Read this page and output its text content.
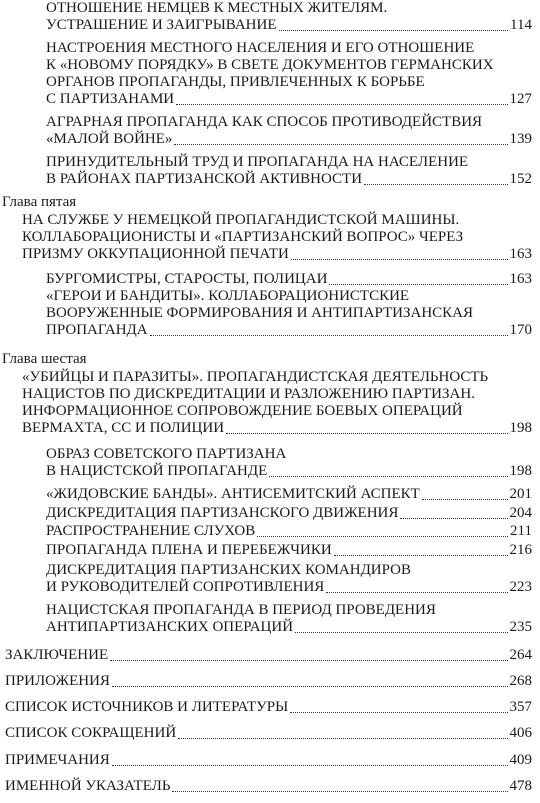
ОТНОШЕНИЕ НЕМЦЕВ К МЕСТНЫХ ЖИТЕЛЯМ.
УСТРАШЕНИЕ И ЗАИГРЫВАНИЕ	114
НАСТРОЕНИЯ МЕСТНОГО НАСЕЛЕНИЯ И ЕГО ОТНОШЕНИЕ
К «НОВОМУ ПОРЯДКУ» В СВЕТЕ ДОКУМЕНТОВ ГЕРМАНСКИХ
ОРГАНОВ ПРОПАГАНДЫ, ПРИВЛЕЧЕННЫХ К БОРЬБЕ
С ПАРТИЗАНАМИ	127
АГРАРНАЯ ПРОПАГАНДА КАК СПОСОБ ПРОТИВОДЕЙСТВИЯ
«МАЛОЙ ВОЙНЕ»	139
ПРИНУДИТЕЛЬНЫЙ ТРУД И ПРОПАГАНДА НА НАСЕЛЕНИЕ
В РАЙОНАХ ПАРТИЗАНСКОЙ АКТИВНОСТИ	152
Глава пятая
НА СЛУЖБЕ У НЕМЕЦКОЙ ПРОПАГАНДИСТСКОЙ МАШИНЫ.
КОЛЛАБОРАЦИОНИСТЫ И «ПАРТИЗАНСКИЙ ВОПРОС» ЧЕРЕЗ
ПРИЗМУ ОККУПАЦИОННОЙ ПЕЧАТИ	163
БУРГОМИСТРЫ, СТАРОСТЫ, ПОЛИЦАИ	163
«ГЕРОИ И БАНДИТЫ». КОЛЛАБОРАЦИОНИСТСКИЕ
ВООРУЖЕННЫЕ ФОРМИРОВАНИЯ И АНТИПАРТИЗАНСКАЯ
ПРОПАГАНДА	170
Глава шестая
«УБИЙЦЫ И ПАРАЗИТЫ». ПРОПАГАНДИСТСКАЯ ДЕЯТЕЛЬНОСТЬ
НАЦИСТОВ ПО ДИСКРЕДИТАЦИИ И РАЗЛОЖЕНИЮ ПАРТИЗАН.
ИНФОРМАЦИОННОЕ СОПРОВОЖДЕНИЕ БОЕВЫХ ОПЕРАЦИЙ
ВЕРМАХТА, СС И ПОЛИЦИИ	198
ОБРАЗ СОВЕТСКОГО ПАРТИЗАНА
В НАЦИСТСКОЙ ПРОПАГАНДЕ	198
«ЖИДОВСКИЕ БАНДЫ». АНТИСЕМИТСКИЙ АСПЕКТ	201
ДИСКРЕДИТАЦИЯ ПАРТИЗАНСКОГО ДВИЖЕНИЯ	204
РАСПРОСТРАНЕНИЕ СЛУХОВ	211
ПРОПАГАНДА ПЛЕНА И ПЕРЕБЕЖЧИКИ	216
ДИСКРЕДИТАЦИЯ ПАРТИЗАНСКИХ КОМАНДИРОВ
И РУКОВОДИТЕЛЕЙ СОПРОТИВЛЕНИЯ	223
НАЦИСТСКАЯ ПРОПАГАНДА В ПЕРИОД ПРОВЕДЕНИЯ
АНТИПАРТИЗАНСКИХ ОПЕРАЦИЙ	235
ЗАКЛЮЧЕНИЕ	264
ПРИЛОЖЕНИЯ	268
СПИСОК ИСТОЧНИКОВ И ЛИТЕРАТУРЫ	357
СПИСОК СОКРАЩЕНИЙ	406
ПРИМЕЧАНИЯ	409
ИМЕННОЙ УКАЗАТЕЛЬ	478
